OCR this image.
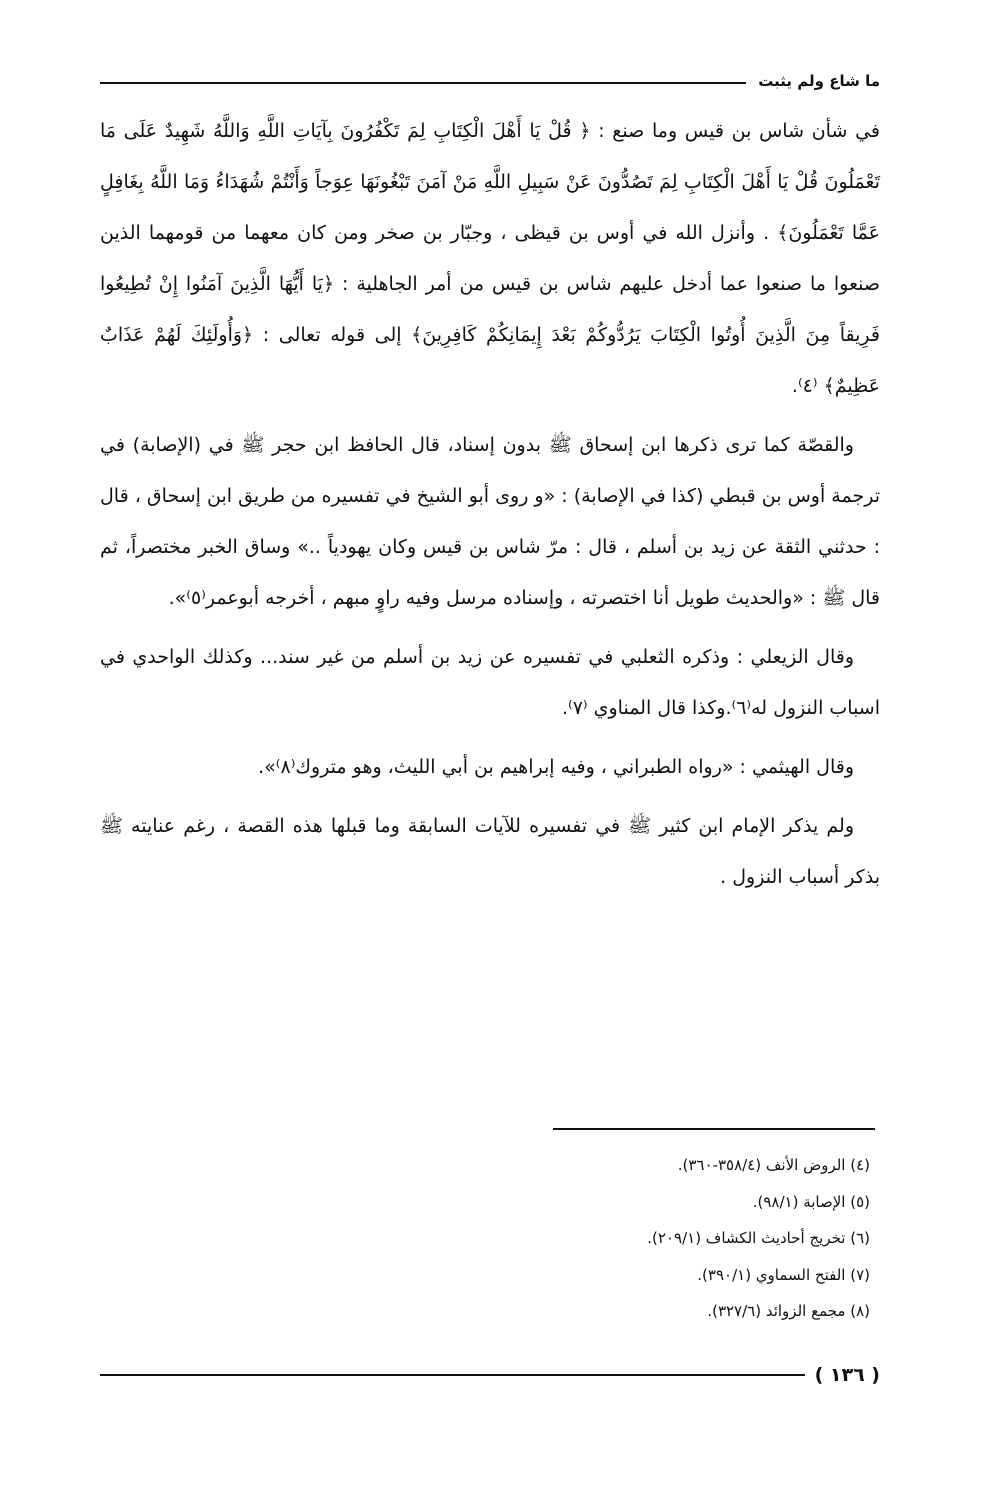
ما شاع ولم يثبت

في شأن شاس بن قيس وما صنع : ﴿ قُلْ يَا أَهْلَ الْكِتَابِ لِمَ تَكْفُرُونَ بِآيَاتِ اللَّهِ وَاللَّهُ شَهِيدٌ عَلَى مَا تَعْمَلُونَ قُلْ يَا أَهْلَ الْكِتَابِ لِمَ تَصُدُّونَ عَنْ سَبِيلِ اللَّهِ مَنْ آمَنَ تَبْغُونَهَا عِوَجاً وَأَنْتُمْ شُهَدَاءُ وَمَا اللَّهُ بِغَافِلٍ عَمَّا تَعْمَلُونَ﴾ . وأنزل الله في أوس بن قيظى ، وجبّار بن صخر ومن كان معهما من قومهما الذين صنعوا ما صنعوا عما أدخل عليهم شاس بن قيس من أمر الجاهلية : ﴿يَا أَيُّهَا الَّذِينَ آمَنُوا إِنْ تُطِيعُوا فَرِيقاً مِنَ الَّذِينَ أُوتُوا الْكِتَابَ يَرُدُّوكُمْ بَعْدَ إِيمَانِكُمْ كَافِرِينَ﴾ إلى قوله تعالى : ﴿وَأُولَئِكَ لَهُمْ عَذَابٌ عَظِيمٌ﴾ ⁽٤⁾.

والقصّة كما ترى ذكرها ابن إسحاق ﷺ بدون إسناد، قال الحافظ ابن حجر ﷺ في (الإصابة) في ترجمة أوس بن قبطي (كذا في الإصابة) : «و روى أبو الشيخ في تفسيره من طريق ابن إسحاق ، قال : حدثني الثقة عن زيد بن أسلم ، قال : مرّ شاس بن قيس وكان يهودياً ..» وساق الخبر مختصراً، ثم قال ﷺ : «والحديث طويل أنا اختصرته ، وإسناده مرسل وفيه راوٍ مبهم ، أخرجه أبوعمر⁽٥⁾».

وقال الزيعلي : وذكره الثعلبي في تفسيره عن زيد بن أسلم من غير سند... وكذلك الواحدي في اسباب النزول له⁽٦⁾.وكذا قال المناوي ⁽٧⁾.

وقال الهيثمي : «رواه الطبراني ، وفيه إبراهيم بن أبي الليث، وهو متروك⁽٨⁾».

ولم يذكر الإمام ابن كثير ﷺ في تفسيره للآيات السابقة وما قبلها هذه القصة ، رغم عنايته ﷺ بذكر أسباب النزول .

(٤) الروض الأنف (٣٥٨/٤-٣٦٠).
(٥) الإصابة (٩٨/١).
(٦) تخريج أحاديث الكشاف (٢٠٩/١).
(٧) الفتح السماوي (٣٩٠/١).
(٨) مجمع الزوائد (٣٢٧/٦).
( ١٣٦ )
